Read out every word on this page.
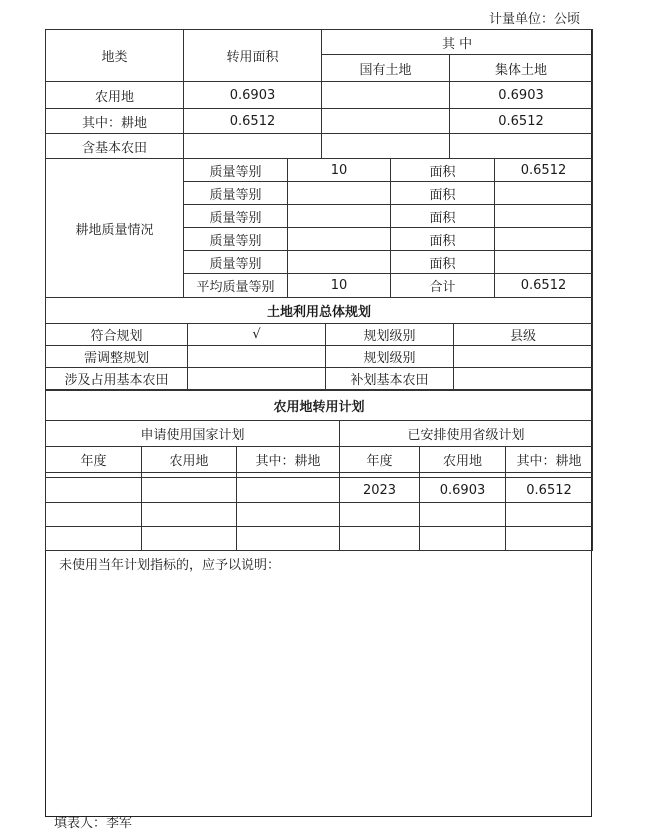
计量单位：公顷
地类	转用面积	其 中	
		国有土地	集体土地
农用地	0.6903		0.6903
其中：耕地	0.6512		0.6512
含基本农田			
耕地质量情况	质量等别	10	面积	0.6512
	质量等别		面积	
	质量等别		面积	
	质量等别		面积	
	质量等别		面积	
	平均质量等别	10	合计	0.6512
土地利用总体规划			
符合规划	√	规划级别	县级
需调整规划		规划级别	
涉及占用基本农田		补划基本农田	
农用地转用计划					
申请使用国家计划			已安排使用省级计划		
年度	农用地	其中：耕地	年度	农用地	其中：耕地

			2023	0.6903	0.6512

未使用当年计划指标的，应予以说明：
填表人：李军
